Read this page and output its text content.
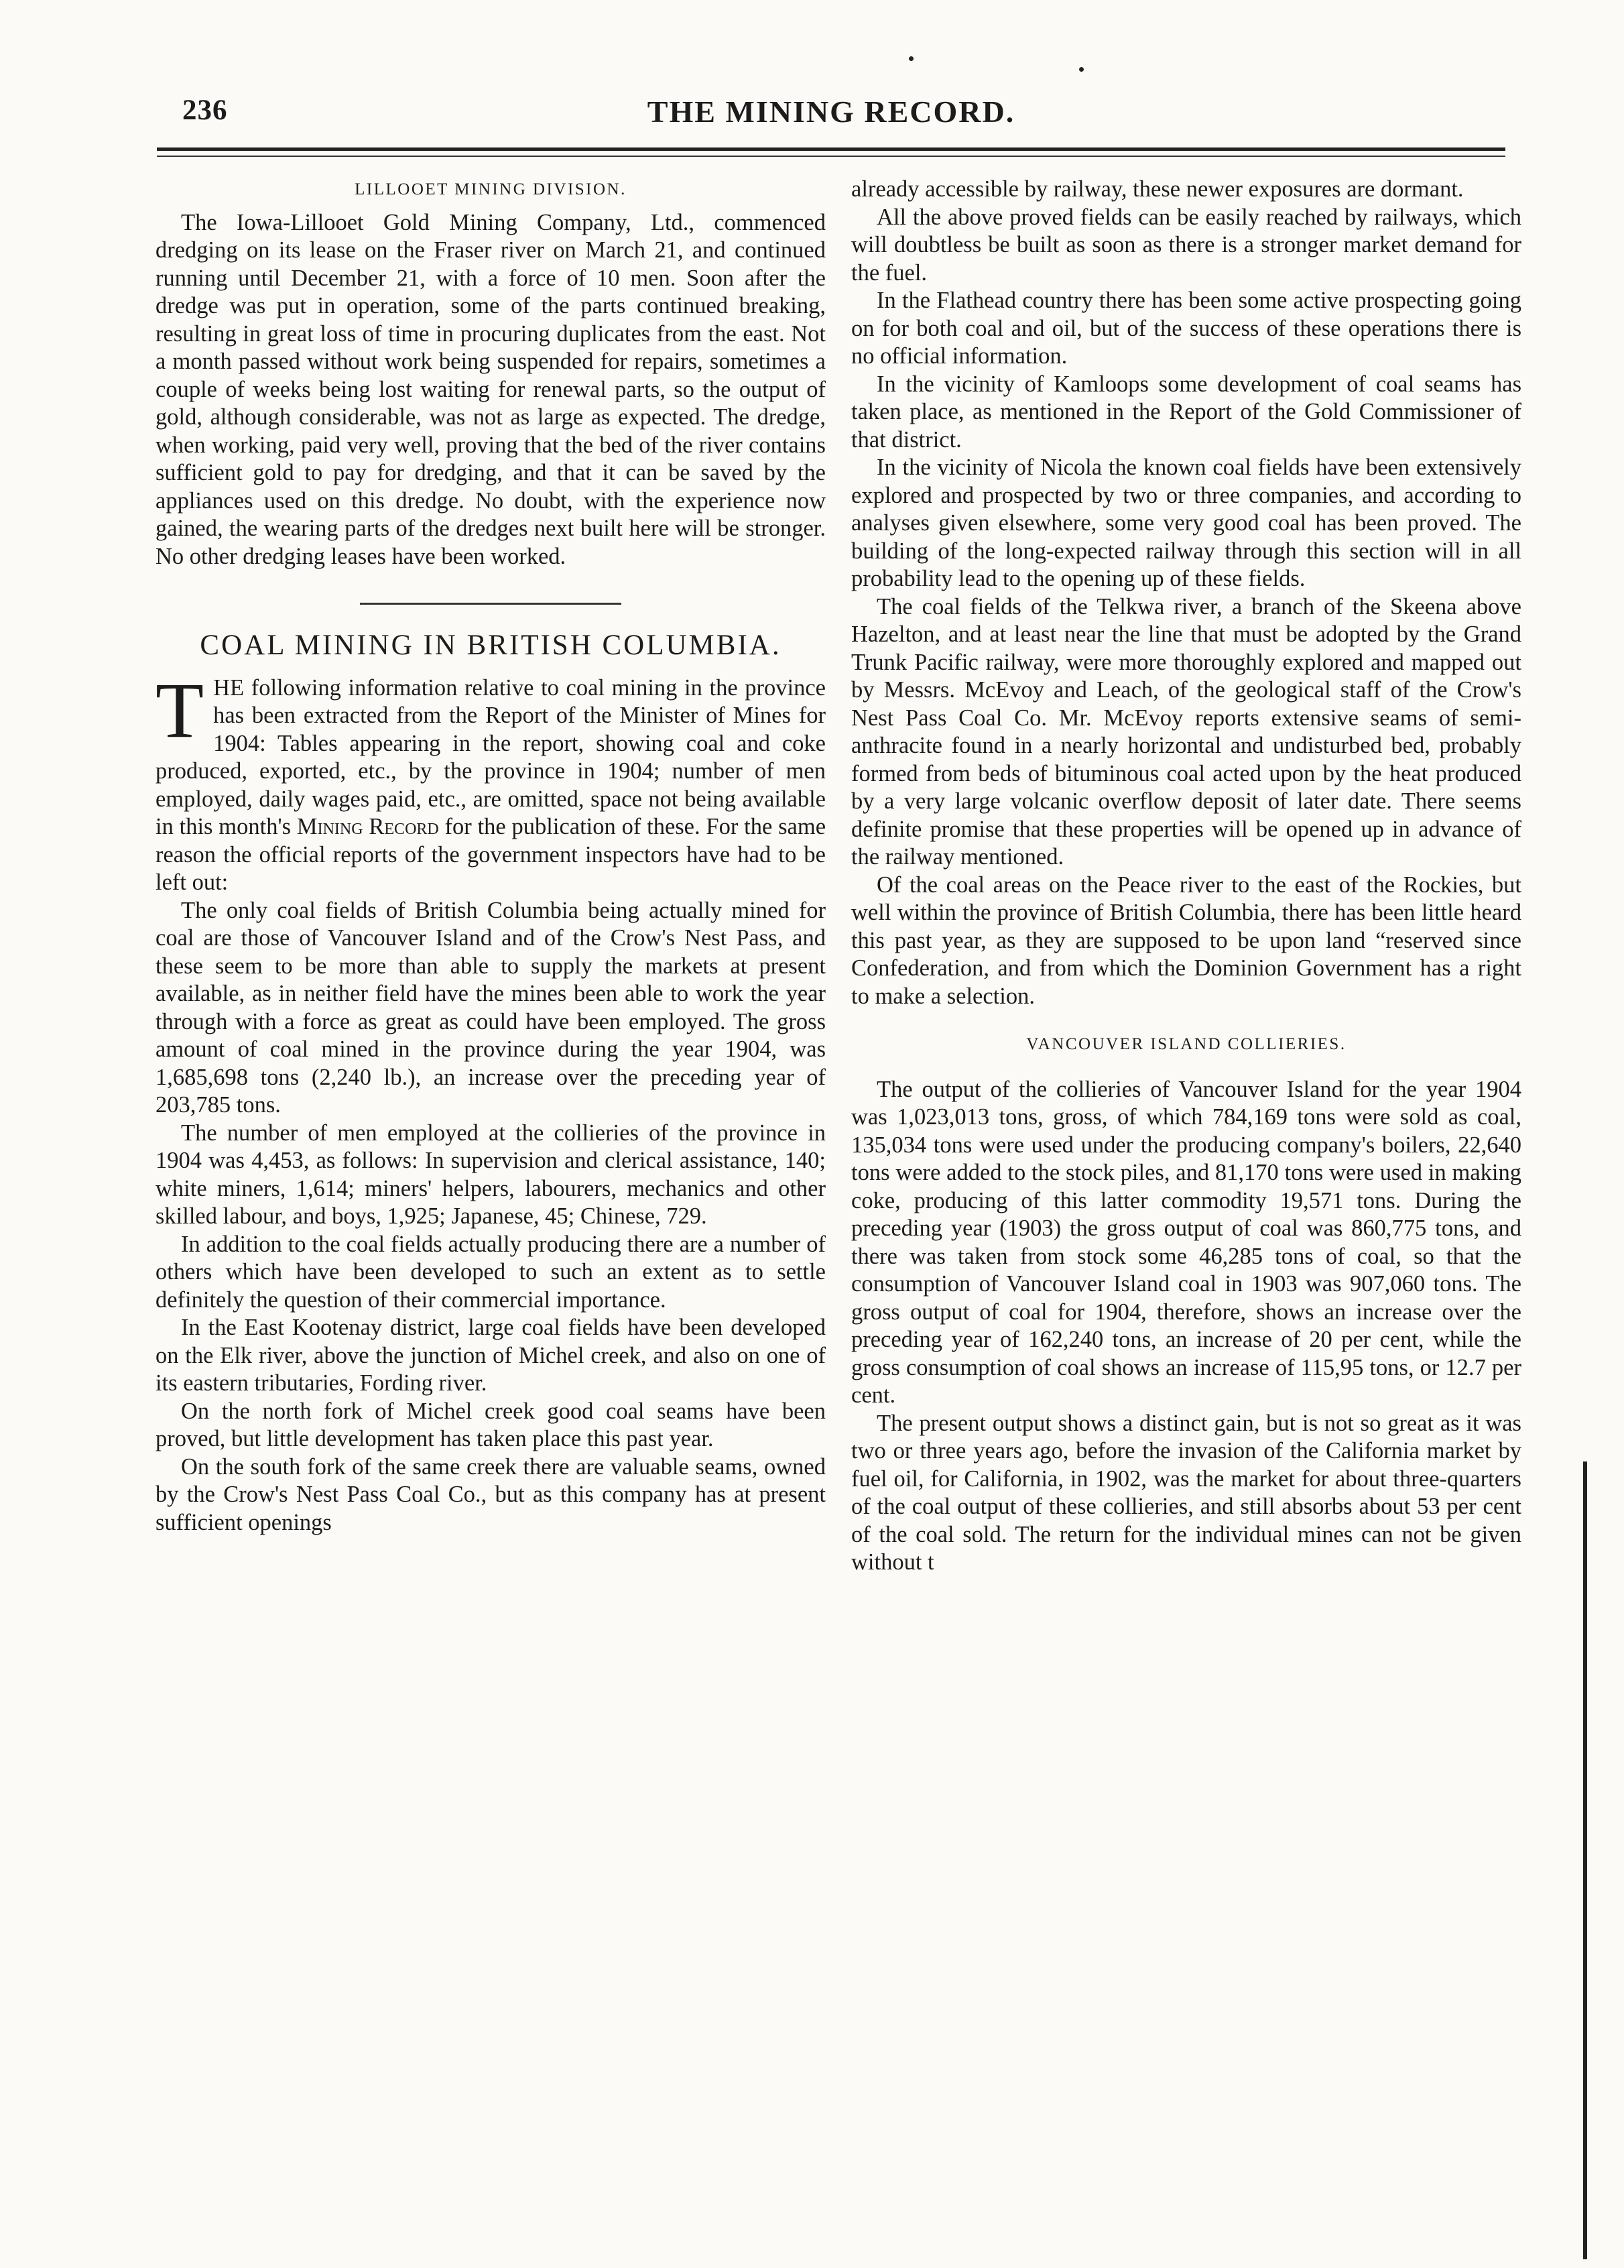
236	THE MINING RECORD.
LILLOOET MINING DIVISION.

The Iowa-Lillooet Gold Mining Company, Ltd., commenced dredging on its lease on the Fraser river on March 21, and continued running until December 21, with a force of 10 men. Soon after the dredge was put in operation, some of the parts continued breaking, resulting in great loss of time in procuring duplicates from the east. Not a month passed without work being suspended for repairs, sometimes a couple of weeks being lost waiting for renewal parts, so the output of gold, although considerable, was not as large as expected. The dredge, when working, paid very well, proving that the bed of the river contains sufficient gold to pay for dredging, and that it can be saved by the appliances used on this dredge. No doubt, with the experience now gained, the wearing parts of the dredges next built here will be stronger. No other dredging leases have been worked.

COAL MINING IN BRITISH COLUMBIA.

THE following information relative to coal mining in the province has been extracted from the Report of the Minister of Mines for 1904: Tables appearing in the report, showing coal and coke produced, exported, etc., by the province in 1904; number of men employed, daily wages paid, etc., are omitted, space not being available in this month's Mining Record for the publication of these. For the same reason the official reports of the government inspectors have had to be left out:

The only coal fields of British Columbia being actually mined for coal are those of Vancouver Island and of the Crow's Nest Pass, and these seem to be more than able to supply the markets at present available, as in neither field have the mines been able to work the year through with a force as great as could have been employed. The gross amount of coal mined in the province during the year 1904, was 1,685,698 tons (2,240 lb.), an increase over the preceding year of 203,785 tons.

The number of men employed at the collieries of the province in 1904 was 4,453, as follows: In supervision and clerical assistance, 140; white miners, 1,614; miners' helpers, labourers, mechanics and other skilled labour, and boys, 1,925; Japanese, 45; Chinese, 729.

In addition to the coal fields actually producing there are a number of others which have been developed to such an extent as to settle definitely the question of their commercial importance.

In the East Kootenay district, large coal fields have been developed on the Elk river, above the junction of Michel creek, and also on one of its eastern tributaries, Fording river.

On the north fork of Michel creek good coal seams have been proved, but little development has taken place this past year.

On the south fork of the same creek there are valuable seams, owned by the Crow's Nest Pass Coal Co., but as this company has at present sufficient openings

already accessible by railway, these newer exposures are dormant.

All the above proved fields can be easily reached by railways, which will doubtless be built as soon as there is a stronger market demand for the fuel.

In the Flathead country there has been some active prospecting going on for both coal and oil, but of the success of these operations there is no official information.

In the vicinity of Kamloops some development of coal seams has taken place, as mentioned in the Report of the Gold Commissioner of that district.

In the vicinity of Nicola the known coal fields have been extensively explored and prospected by two or three companies, and according to analyses given elsewhere, some very good coal has been proved. The building of the long-expected railway through this section will in all probability lead to the opening up of these fields.

The coal fields of the Telkwa river, a branch of the Skeena above Hazelton, and at least near the line that must be adopted by the Grand Trunk Pacific railway, were more thoroughly explored and mapped out by Messrs. McEvoy and Leach, of the geological staff of the Crow's Nest Pass Coal Co. Mr. McEvoy reports extensive seams of semi-anthracite found in a nearly horizontal and undisturbed bed, probably formed from beds of bituminous coal acted upon by the heat produced by a very large volcanic overflow deposit of later date. There seems definite promise that these properties will be opened up in advance of the railway mentioned.

Of the coal areas on the Peace river to the east of the Rockies, but well within the province of British Columbia, there has been little heard this past year, as they are supposed to be upon land “reserved since Confederation, and from which the Dominion Government has a right to make a selection.

VANCOUVER ISLAND COLLIERIES.

The output of the collieries of Vancouver Island for the year 1904 was 1,023,013 tons, gross, of which 784,169 tons were sold as coal, 135,034 tons were used under the producing company's boilers, 22,640 tons were added to the stock piles, and 81,170 tons were used in making coke, producing of this latter commodity 19,571 tons. During the preceding year (1903) the gross output of coal was 860,775 tons, and there was taken from stock some 46,285 tons of coal, so that the consumption of Vancouver Island coal in 1903 was 907,060 tons. The gross output of coal for 1904, therefore, shows an increase over the preceding year of 162,240 tons, an increase of 20 per cent, while the gross consumption of coal shows an increase of 115,95 tons, or 12.7 per cent.

The present output shows a distinct gain, but is not so great as it was two or three years ago, before the invasion of the California market by fuel oil, for California, in 1902, was the market for about three-quarters of the coal output of these collieries, and still absorbs about 53 per cent of the coal sold. The return for the individual mines can not be given without t
